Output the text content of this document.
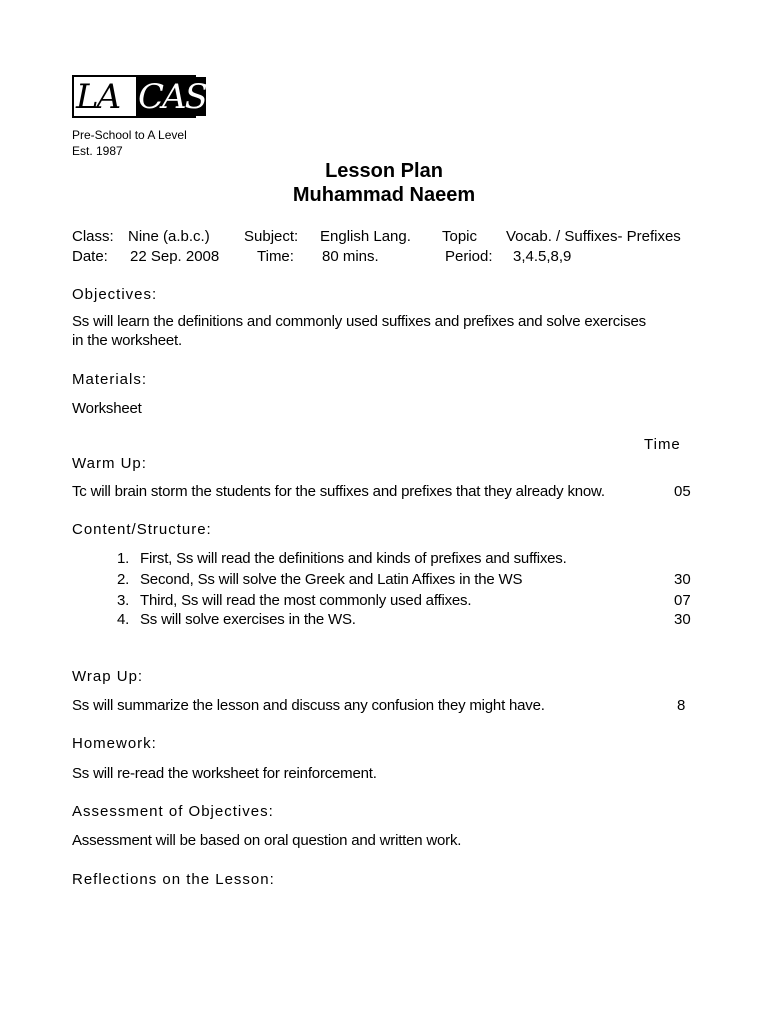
LA CAS
Pre-School to A Level
Est. 1987
Lesson Plan
Muhammad Naeem
Class: Nine (a.b.c.) Subject: English Lang. Topic Vocab. / Suffixes- Prefixes
Date: 22 Sep. 2008	Time: 80 mins.	Period: 3,4.5,8,9
Objectives:
Ss will learn the definitions and commonly used suffixes and prefixes and solve exercises
in the worksheet.
Materials:
Worksheet
Time
Warm Up:
Tc will brain storm the students for the suffixes and prefixes that they already know.	05
Content/Structure:
1. First, Ss will read the definitions and kinds of prefixes and suffixes.
2. Second, Ss will solve the Greek and Latin Affixes in the WS	30
3. Third, Ss will read the most commonly used affixes.	07
4. Ss will solve exercises in the WS.	30
Wrap Up:
Ss will summarize the lesson and discuss any confusion they might have.	8
Homework:
Ss will re-read the worksheet for reinforcement.
Assessment of Objectives:
Assessment will be based on oral question and written work.
Reflections on the Lesson:
